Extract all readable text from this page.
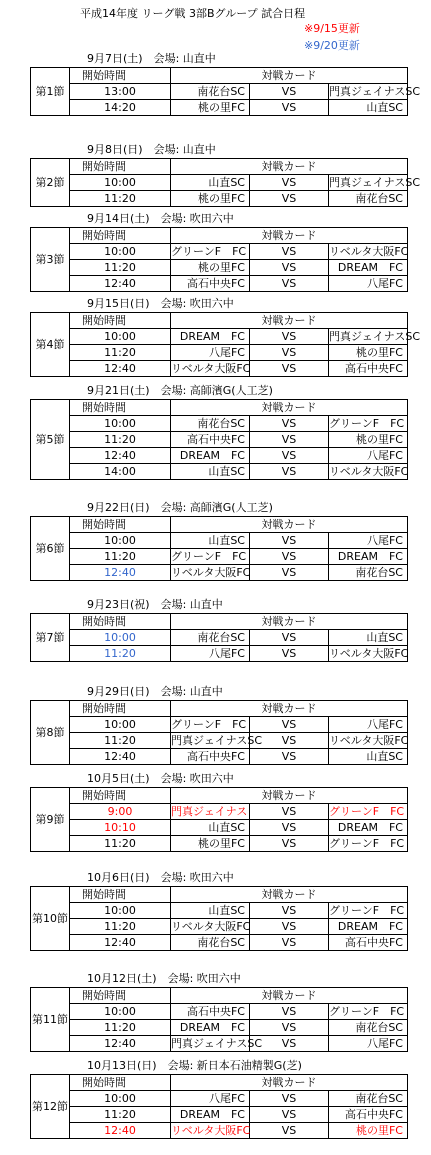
平成14年度 リーグ戦 3部Bグループ 試合日程
※9/15更新
※9/20更新
9月7日(土)　会場: 山直中
第1節	開始時間	対戦カード		
	13:00	南花台SC	VS	門真ジェイナスSC
	14:20	桃の里FC	VS	山直SC
9月8日(日)　会場: 山直中
第2節	開始時間	対戦カード		
	10:00	山直SC	VS	門真ジェイナスSC
	11:20	桃の里FC	VS	南花台SC
9月14日(土)　会場: 吹田六中
第3節	開始時間	対戦カード		
	10:00	グリーンF　FC	VS	リベルタ大阪FC
	11:20	桃の里FC	VS	DREAM　FC
	12:40	高石中央FC	VS	八尾FC
9月15日(日)　会場: 吹田六中
第4節	開始時間	対戦カード		
	10:00	DREAM　FC	VS	門真ジェイナスSC
	11:20	八尾FC	VS	桃の里FC
	12:40	リベルタ大阪FC	VS	高石中央FC
9月21日(土)　会場: 高師濱G(人工芝)
第5節	開始時間	対戦カード		
	10:00	南花台SC	VS	グリーンF　FC
	11:20	高石中央FC	VS	桃の里FC
	12:40	DREAM　FC	VS	八尾FC
	14:00	山直SC	VS	リベルタ大阪FC
9月22日(日)　会場: 高師濱G(人工芝)
第6節	開始時間	対戦カード		
	10:00	山直SC	VS	八尾FC
	11:20	グリーンF　FC	VS	DREAM　FC
	12:40	リベルタ大阪FC	VS	南花台SC
9月23日(祝)　会場: 山直中
第7節	開始時間	対戦カード		
	10:00	南花台SC	VS	山直SC
	11:20	八尾FC	VS	リベルタ大阪FC
9月29日(日)　会場: 山直中
第8節	開始時間	対戦カード		
	10:00	グリーンF　FC	VS	八尾FC
	11:20	門真ジェイナスSC	VS	リベルタ大阪FC
	12:40	高石中央FC	VS	山直SC
10月5日(土)　会場: 吹田六中
第9節	開始時間	対戦カード		
	9:00	門真ジェイナス	VS	グリーンF　FC
	10:10	山直SC	VS	DREAM　FC
	11:20	桃の里FC	VS	グリーンF　FC
10月6日(日)　会場: 吹田六中
第10節	開始時間	対戦カード		
	10:00	山直SC	VS	グリーンF　FC
	11:20	リベルタ大阪FC	VS	DREAM　FC
	12:40	南花台SC	VS	高石中央FC
10月12日(土)　会場: 吹田六中
第11節	開始時間	対戦カード		
	10:00	高石中央FC	VS	グリーンF　FC
	11:20	DREAM　FC	VS	南花台SC
	12:40	門真ジェイナスSC	VS	八尾FC
10月13日(日)　会場: 新日本石油精製G(芝)
第12節	開始時間	対戦カード		
	10:00	八尾FC	VS	南花台SC
	11:20	DREAM　FC	VS	高石中央FC
	12:40	リベルタ大阪FC	VS	桃の里FC
